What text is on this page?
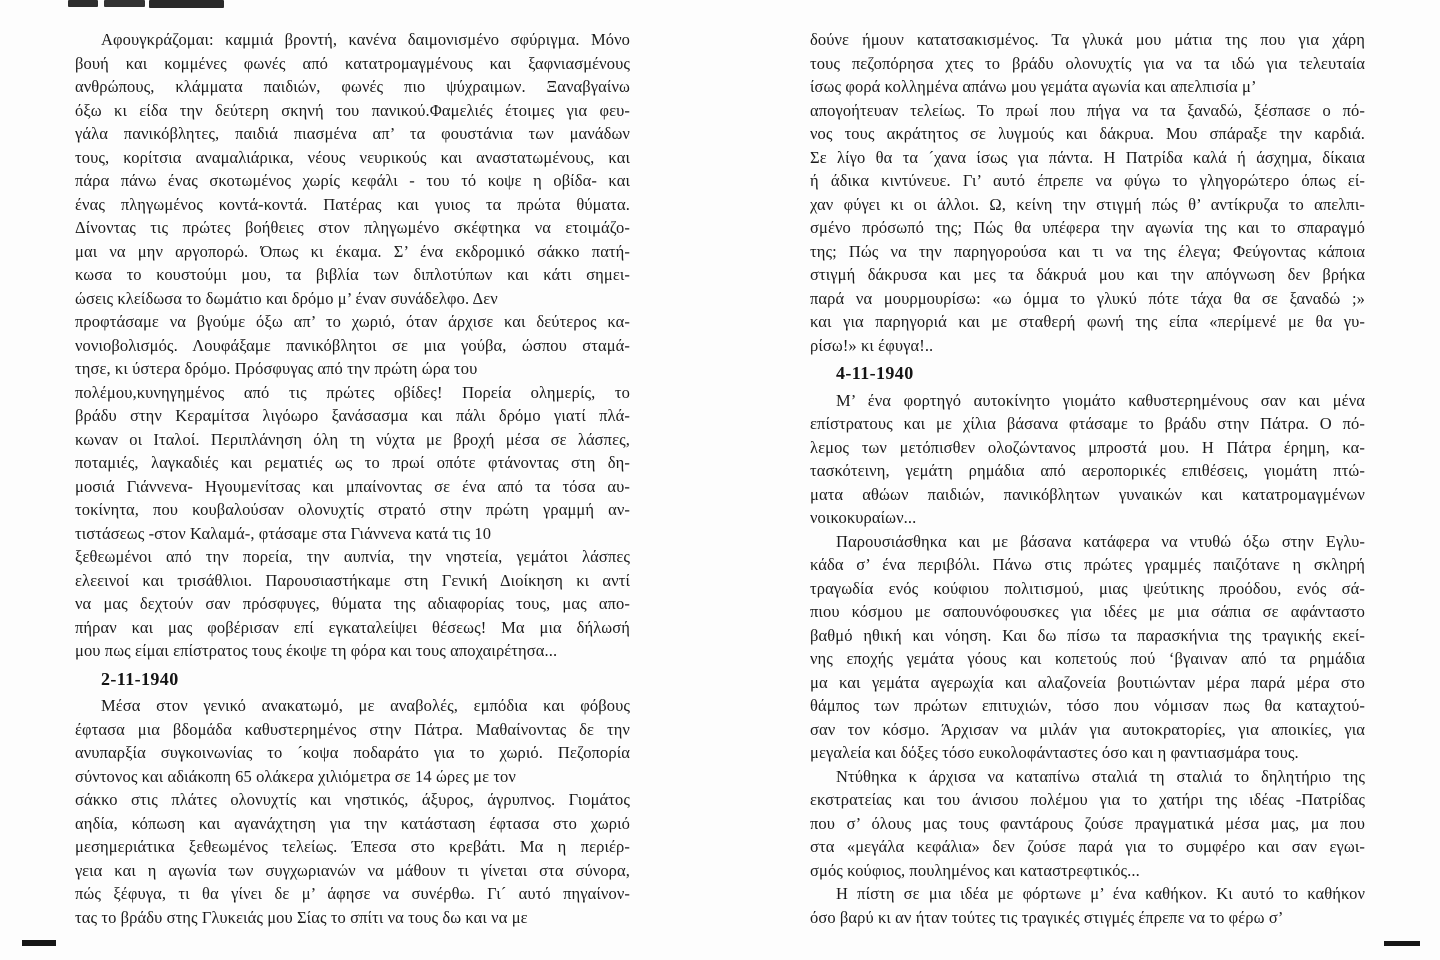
Αφουγκράζομαι: καμμιά βροντή, κανένα δαιμονισμένο σφύριγμα. Μόνο
βουή και κομμένες φωνές από κατατρομαγμένους και ξαφνιασμένους
ανθρώπους, κλάμματα παιδιών, φωνές πιο ψύχραιμων. Ξαναβγαίνω
όξω κι είδα την δεύτερη σκηνή του πανικού.Φαμελιές έτοιμες για φευ-
γάλα πανικόβλητες, παιδιά πιασμένα απ’ τα φουστάνια των μανάδων
τους, κορίτσια αναμαλιάρικα, νέους νευρικούς και αναστατωμένους, και
πάρα πάνω ένας σκοτωμένος χωρίς κεφάλι - του τό κοψε η οβίδα- και
ένας πληγωμένος κοντά-κοντά. Πατέρας και γυιος τα πρώτα θύματα.
Δίνοντας τις πρώτες βοήθειες στον πληγωμένο σκέφτηκα να ετοιμάζο-
μαι να μην αργοπορώ. Όπως κι έκαμα. Σ’ ένα εκδρομικό σάκκο πατή-
κωσα το κουστούμι μου, τα βιβλία των διπλοτύπων και κάτι σημει-
ώσεις κλείδωσα το δωμάτιο και δρόμο μ’ έναν συνάδελφο. Δεν
προφτάσαμε να βγούμε όξω απ’ το χωριό, όταν άρχισε και δεύτερος κα-
νονιοβολισμός. Λουφάξαμε πανικόβλητοι σε μια γούβα, ώσπου σταμά-
τησε, κι ύστερα δρόμο. Πρόσφυγας από την πρώτη ώρα του
πολέμου,κυνηγημένος από τις πρώτες οβίδες! Πορεία ολημερίς, το
βράδυ στην Κεραμίτσα λιγόωρο ξανάσασμα και πάλι δρόμο γιατί πλά-
κωναν οι Ιταλοί. Περιπλάνηση όλη τη νύχτα με βροχή μέσα σε λάσπες,
ποταμιές, λαγκαδιές και ρεματιές ως το πρωί οπότε φτάνοντας στη δη-
μοσιά Γιάννενα- Ηγουμενίτσας και μπαίνοντας σε ένα από τα τόσα αυ-
τοκίνητα, που κουβαλούσαν ολονυχτίς στρατό στην πρώτη γραμμή αν-
τιστάσεως -στον Καλαμά-, φτάσαμε στα Γιάννενα κατά τις 10
ξεθεωμένοι από την πορεία, την αυπνία, την νηστεία, γεμάτοι λάσπες
ελεεινοί και τρισάθλιοι. Παρουσιαστήκαμε στη Γενική Διοίκηση κι αντί
να μας δεχτούν σαν πρόσφυγες, θύματα της αδιαφορίας τους, μας απο-
πήραν και μας φοβέρισαν επί εγκαταλείψει θέσεως! Μα μια δήλωσή
μου πως είμαι επίστρατος τους έκοψε τη φόρα και τους αποχαιρέτησα...
2-11-1940
Μέσα στον γενικό ανακατωμό, με αναβολές, εμπόδια και φόβους
έφτασα μια βδομάδα καθυστερημένος στην Πάτρα. Μαθαίνοντας δε την
ανυπαρξία συγκοινωνίας το ´κοψα ποδαράτο για το χωριό. Πεζοπορία
σύντονος και αδιάκοπη 65 ολάκερα χιλιόμετρα σε 14 ώρες με τον
σάκκο στις πλάτες ολονυχτίς και νηστικός, άξυρος, άγρυπνος. Γιομάτος
αηδία, κόπωση και αγανάχτηση για την κατάσταση έφτασα στο χωριό
μεσημεριάτικα ξεθεωμένος τελείως. Έπεσα στο κρεβάτι. Μα η περιέρ-
γεια και η αγωνία των συγχωριανών να μάθουν τι γίνεται στα σύνορα,
πώς ξέφυγα, τι θα γίνει δε μ’ άφησε να συνέρθω. Γι´ αυτό πηγαίνον-
τας το βράδυ στης Γλυκειάς μου Σίας το σπίτι να τους δω και να με
δούνε ήμουν κατατσακισμένος. Τα γλυκά μου μάτια της που για χάρη
τους πεζοπόρησα χτες το βράδυ ολονυχτίς για να τα ιδώ για τελευταία
ίσως φορά κολλημένα απάνω μου γεμάτα αγωνία και απελπισία μ’
απογοήτευαν τελείως. Το πρωί που πήγα να τα ξαναδώ, ξέσπασε ο πό-
νος τους ακράτητος σε λυγμούς και δάκρυα. Μου σπάραξε την καρδιά.
Σε λίγο θα τα ´χανα ίσως για πάντα. Η Πατρίδα καλά ή άσχημα, δίκαια
ή άδικα κιντύνευε. Γι’ αυτό έπρεπε να φύγω το γληγορώτερο όπως εί-
χαν φύγει κι οι άλλοι. Ω, κείνη την στιγμή πώς θ’ αντίκρυζα το απελπι-
σμένο πρόσωπό της; Πώς θα υπέφερα την αγωνία της και το σπαραγμό
της; Πώς να την παρηγορούσα και τι να της έλεγα; Φεύγοντας κάποια
στιγμή δάκρυσα και μες τα δάκρυά μου και την απόγνωση δεν βρήκα
παρά να μουρμουρίσω: «ω όμμα το γλυκύ πότε τάχα θα σε ξαναδώ ;»
και για παρηγοριά και με σταθερή φωνή της είπα «περίμενέ με θα γυ-
ρίσω!» κι έφυγα!..
4-11-1940
Μ’ ένα φορτηγό αυτοκίνητο γιομάτο καθυστερημένους σαν και μένα
επίστρατους και με χίλια βάσανα φτάσαμε το βράδυ στην Πάτρα. Ο πό-
λεμος των μετόπισθεν ολοζώντανος μπροστά μου. Η Πάτρα έρημη, κα-
τασκότεινη, γεμάτη ρημάδια από αεροπορικές επιθέσεις, γιομάτη πτώ-
ματα αθώων παιδιών, πανικόβλητων γυναικών και κατατρομαγμένων
νοικοκυραίων...
Παρουσιάσθηκα και με βάσανα κατάφερα να ντυθώ όξω στην Εγλυ-
κάδα σ’ ένα περιβόλι. Πάνω στις πρώτες γραμμές παιζότανε η σκληρή
τραγωδία ενός κούφιου πολιτισμού, μιας ψεύτικης προόδου, ενός σά-
πιου κόσμου με σαπουνόφουσκες για ιδέες με μια σάπια σε αφάνταστο
βαθμό ηθική και νόηση. Και δω πίσω τα παρασκήνια της τραγικής εκεί-
νης εποχής γεμάτα γόους και κοπετούς πού ‘βγαιναν από τα ρημάδια
μα και γεμάτα αγερωχία και αλαζονεία βουτιώνταν μέρα παρά μέρα στο
θάμπος των πρώτων επιτυχιών, τόσο που νόμισαν πως θα καταχτού-
σαν τον κόσμο. Άρχισαν να μιλάν για αυτοκρατορίες, για αποικίες, για
μεγαλεία και δόξες τόσο ευκολοφάνταστες όσο και η φαντιασμάρα τους.
Ντύθηκα κ άρχισα να καταπίνω σταλιά τη σταλιά το δηλητήριο της
εκστρατείας και του άνισου πολέμου για το χατήρι της ιδέας -Πατρίδας
που σ’ όλους μας τους φαντάρους ζούσε πραγματικά μέσα μας, μα που
στα «μεγάλα κεφάλια» δεν ζούσε παρά για το συμφέρο και σαν εγωι-
σμός κούφιος, πουλημένος και καταστρεφτικός...
Η πίστη σε μια ιδέα με φόρτωνε μ’ ένα καθήκον. Κι αυτό το καθήκον
όσο βαρύ κι αν ήταν τούτες τις τραγικές στιγμές έπρεπε να το φέρω σ’
